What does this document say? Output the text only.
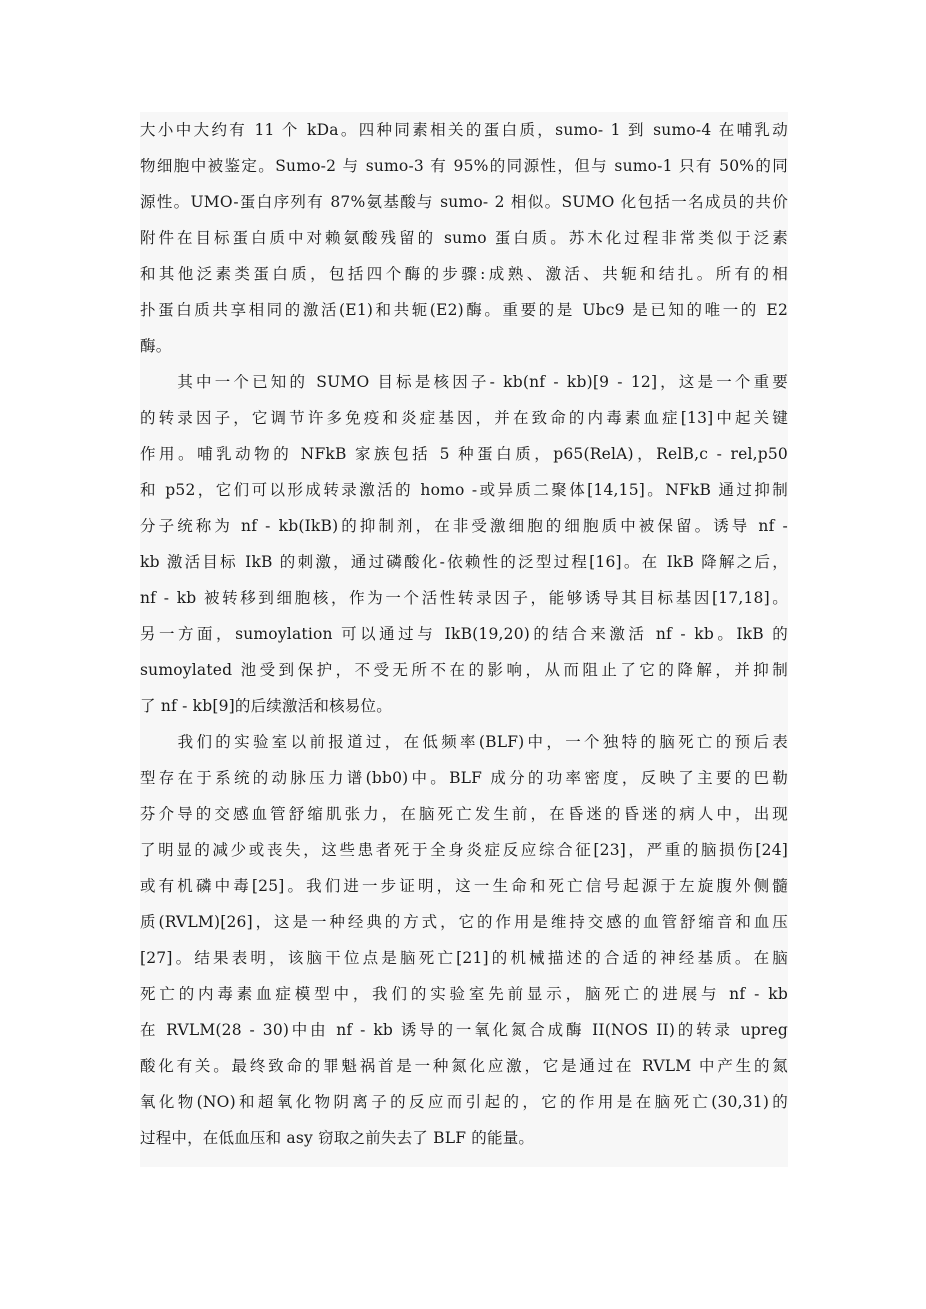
大小中大约有 11 个 kDa。四种同素相关的蛋白质，sumo- 1 到 sumo-4 在哺乳动
物细胞中被鉴定。Sumo-2 与 sumo-3 有 95%的同源性，但与 sumo-1 只有 50%的同
源性。UMO-蛋白序列有 87%氨基酸与 sumo- 2 相似。SUMO 化包括一名成员的共价
附件在目标蛋白质中对赖氨酸残留的 sumo 蛋白质。苏木化过程非常类似于泛素
和其他泛素类蛋白质，包括四个酶的步骤:成熟、激活、共轭和结扎。所有的相
扑蛋白质共享相同的激活(E1)和共轭(E2)酶。重要的是 Ubc9 是已知的唯一的 E2
酶。
　　其中一个已知的 SUMO 目标是核因子- kb(nf - kb)[9 - 12]，这是一个重要
的转录因子，它调节许多免疫和炎症基因，并在致命的内毒素血症[13]中起关键
作用。哺乳动物的 NFkB 家族包括 5 种蛋白质，p65(RelA)，RelB,c - rel,p50
和 p52，它们可以形成转录激活的 homo -或异质二聚体[14,15]。NFkB 通过抑制
分子统称为 nf - kb(IkB)的抑制剂，在非受激细胞的细胞质中被保留。诱导 nf -
kb 激活目标 IkB 的刺激，通过磷酸化-依赖性的泛型过程[16]。在 IkB 降解之后，
nf - kb 被转移到细胞核，作为一个活性转录因子，能够诱导其目标基因[17,18]。
另一方面，sumoylation 可以通过与 IkB(19,20)的结合来激活 nf - kb。IkB 的
sumoylated 池受到保护，不受无所不在的影响，从而阻止了它的降解，并抑制
了 nf - kb[9]的后续激活和核易位。
　　我们的实验室以前报道过，在低频率(BLF)中，一个独特的脑死亡的预后表
型存在于系统的动脉压力谱(bb0)中。BLF 成分的功率密度，反映了主要的巴勒
芬介导的交感血管舒缩肌张力，在脑死亡发生前，在昏迷的昏迷的病人中，出现
了明显的减少或丧失，这些患者死于全身炎症反应综合征[23]，严重的脑损伤[24]
或有机磷中毒[25]。我们进一步证明，这一生命和死亡信号起源于左旋腹外侧髓
质(RVLM)[26]，这是一种经典的方式，它的作用是维持交感的血管舒缩音和血压
[27]。结果表明，该脑干位点是脑死亡[21]的机械描述的合适的神经基质。在脑
死亡的内毒素血症模型中，我们的实验室先前显示，脑死亡的进展与 nf - kb
在 RVLM(28 - 30)中由 nf - kb 诱导的一氧化氮合成酶 II(NOS II)的转录 upreg
酸化有关。最终致命的罪魁祸首是一种氮化应激，它是通过在 RVLM 中产生的氮
氧化物(NO)和超氧化物阴离子的反应而引起的，它的作用是在脑死亡(30,31)的
过程中，在低血压和 asy 窃取之前失去了 BLF 的能量。
